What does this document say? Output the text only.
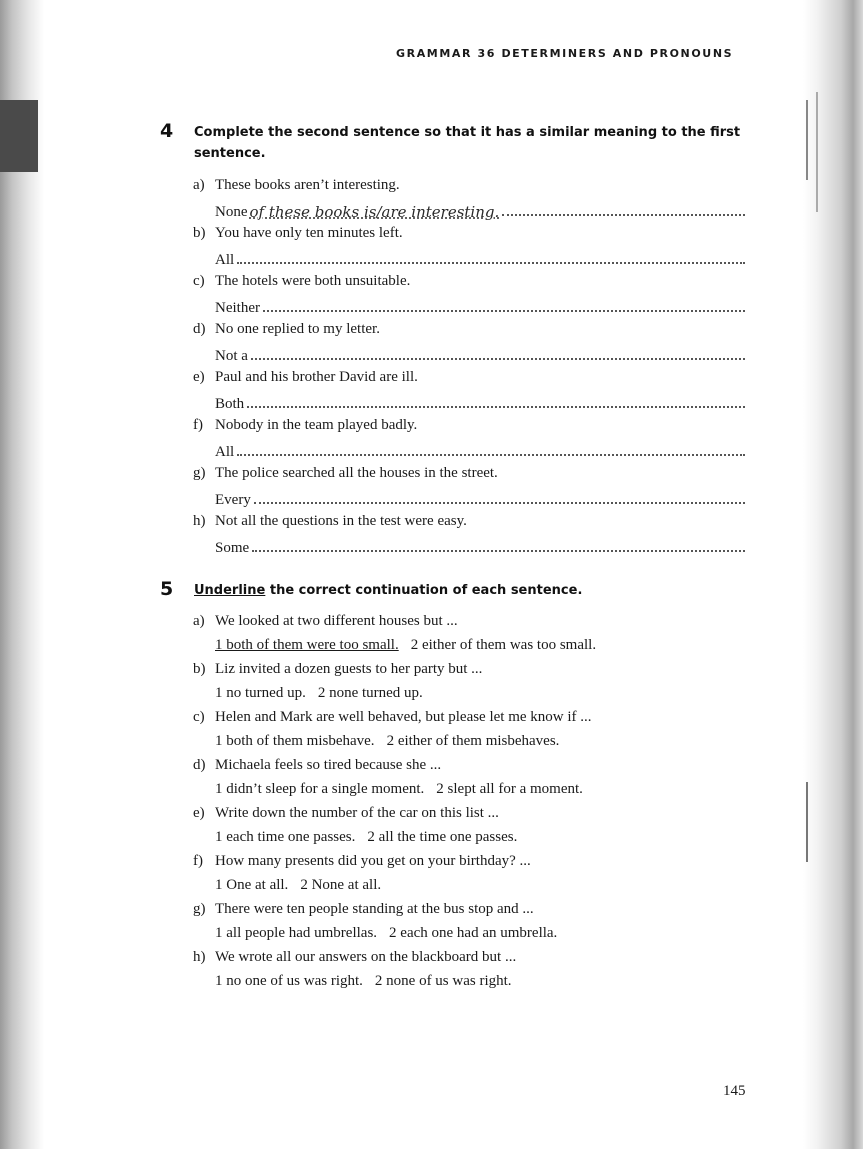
GRAMMAR 36 DETERMINERS AND PRONOUNS
4 Complete the second sentence so that it has a similar meaning to the first
sentence.
a) These books aren’t interesting.
None of these books is/are interesting.
b) You have only ten minutes left.
All
c) The hotels were both unsuitable.
Neither
d) No one replied to my letter.
Not a
e) Paul and his brother David are ill.
Both
f) Nobody in the team played badly.
All
g) The police searched all the houses in the street.
Every
h) Not all the questions in the test were easy.
Some
5 Underline the correct continuation of each sentence.
a) We looked at two different houses but ...
1 both of them were too small. 2 either of them was too small.
b) Liz invited a dozen guests to her party but ...
1 no turned up. 2 none turned up.
c) Helen and Mark are well behaved, but please let me know if ...
1 both of them misbehave. 2 either of them misbehaves.
d) Michaela feels so tired because she ...
1 didn’t sleep for a single moment. 2 slept all for a moment.
e) Write down the number of the car on this list ...
1 each time one passes. 2 all the time one passes.
f) How many presents did you get on your birthday? ...
1 One at all. 2 None at all.
g) There were ten people standing at the bus stop and ...
1 all people had umbrellas. 2 each one had an umbrella.
h) We wrote all our answers on the blackboard but ...
1 no one of us was right. 2 none of us was right.
145
